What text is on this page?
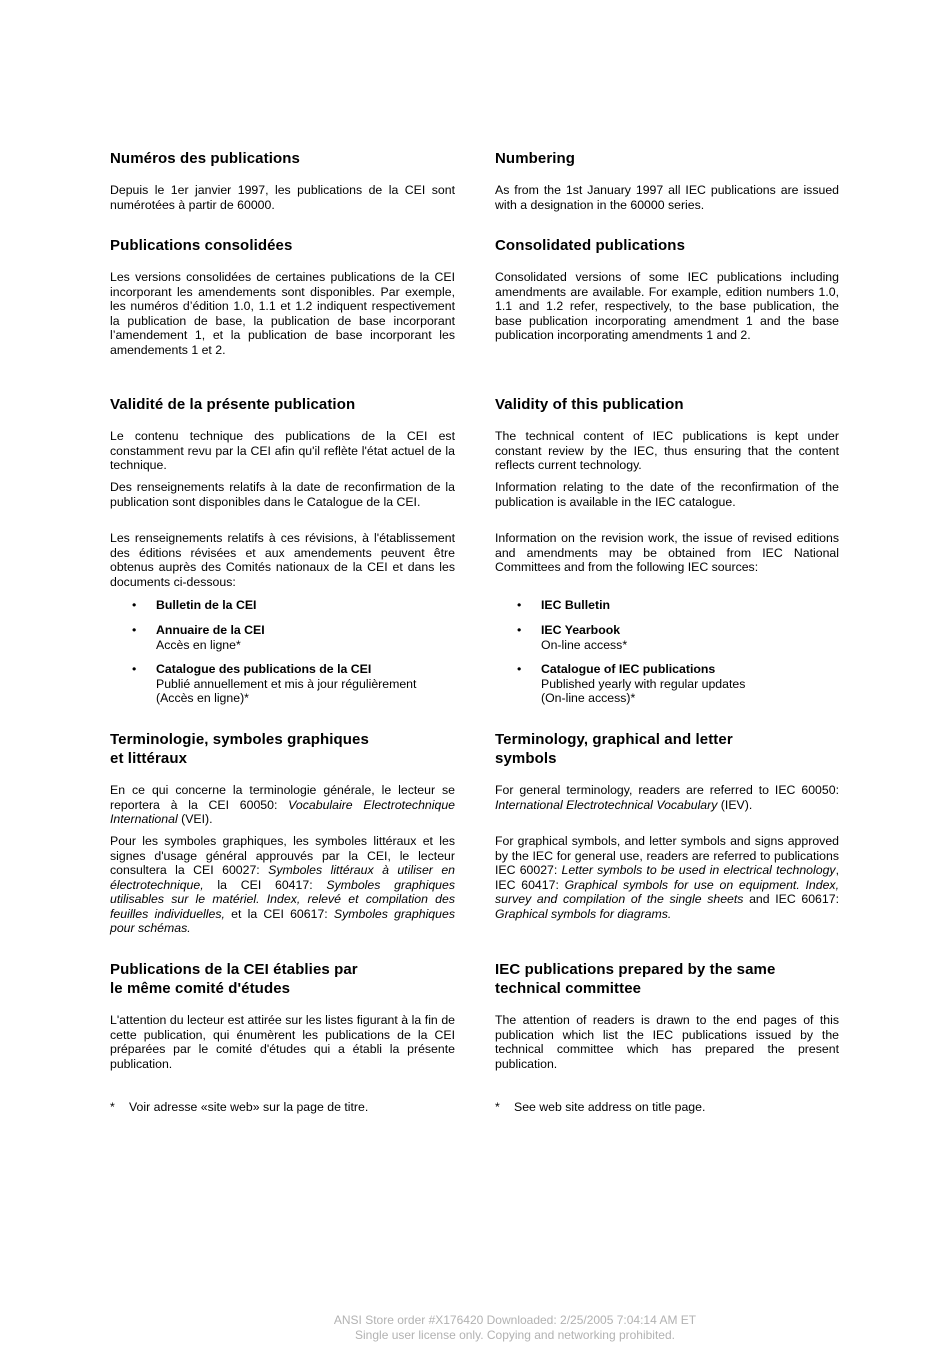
Numéros des publications

Depuis le 1er janvier 1997, les publications de la CEI sont numérotées à partir de 60000.

Publications consolidées

Les versions consolidées de certaines publications de la CEI incorporant les amendements sont disponibles. Par exemple, les numéros d’édition 1.0, 1.1 et 1.2 indiquent respectivement la publication de base, la publication de base incorporant l’amendement 1, et la publication de base incorporant les amendements 1 et 2.

Validité de la présente publication

Le contenu technique des publications de la CEI est constamment revu par la CEI afin qu'il reflète l'état actuel de la technique.

Des renseignements relatifs à la date de reconfirmation de la publication sont disponibles dans le Catalogue de la CEI.

Les renseignements relatifs à ces révisions, à l'établissement des éditions révisées et aux amendements peuvent être obtenus auprès des Comités nationaux de la CEI et dans les documents ci-dessous:

• Bulletin de la CEI
• Annuaire de la CEI
Accès en ligne*
• Catalogue des publications de la CEI
Publié annuellement et mis à jour régulièrement
(Accès en ligne)*
Terminologie, symboles graphiques
et littéraux

En ce qui concerne la terminologie générale, le lecteur se reportera à la CEI 60050: Vocabulaire Electrotechnique International (VEI).

Pour les symboles graphiques, les symboles littéraux et les signes d'usage général approuvés par la CEI, le lecteur consultera la CEI 60027: Symboles littéraux à utiliser en électrotechnique, la CEI 60417: Symboles graphiques utilisables sur le matériel. Index, relevé et compilation des feuilles individuelles, et la CEI 60617: Symboles graphiques pour schémas.

Publications de la CEI établies par
le même comité d'études

L'attention du lecteur est attirée sur les listes figurant à la fin de cette publication, qui énumèrent les publications de la CEI préparées par le comité d'études qui a établi la présente publication.

* Voir adresse «site web» sur la page de titre.
Numbering

As from the 1st January 1997 all IEC publications are issued with a designation in the 60000 series.

Consolidated publications

Consolidated versions of some IEC publications including amendments are available. For example, edition numbers 1.0, 1.1 and 1.2 refer, respectively, to the base publication, the base publication incorporating amendment 1 and the base publication incorporating amendments 1 and 2.

Validity of this publication

The technical content of IEC publications is kept under constant review by the IEC, thus ensuring that the content reflects current technology.

Information relating to the date of the reconfirmation of the publication is available in the IEC catalogue.

Information on the revision work, the issue of revised editions and amendments may be obtained from IEC National Committees and from the following IEC sources:

• IEC Bulletin
• IEC Yearbook
On-line access*
• Catalogue of IEC publications
Published yearly with regular updates
(On-line access)*
Terminology, graphical and letter
symbols

For general terminology, readers are referred to IEC 60050: International Electrotechnical Vocabulary (IEV).

For graphical symbols, and letter symbols and signs approved by the IEC for general use, readers are referred to publications IEC 60027: Letter symbols to be used in electrical technology, IEC 60417: Graphical symbols for use on equipment. Index, survey and compilation of the single sheets and IEC 60617: Graphical symbols for diagrams.

IEC publications prepared by the same
technical committee

The attention of readers is drawn to the end pages of this publication which list the IEC publications issued by the technical committee which has prepared the present publication.

* See web site address on title page.
ANSI Store order #X176420 Downloaded: 2/25/2005 7:04:14 AM ET
Single user license only. Copying and networking prohibited.
